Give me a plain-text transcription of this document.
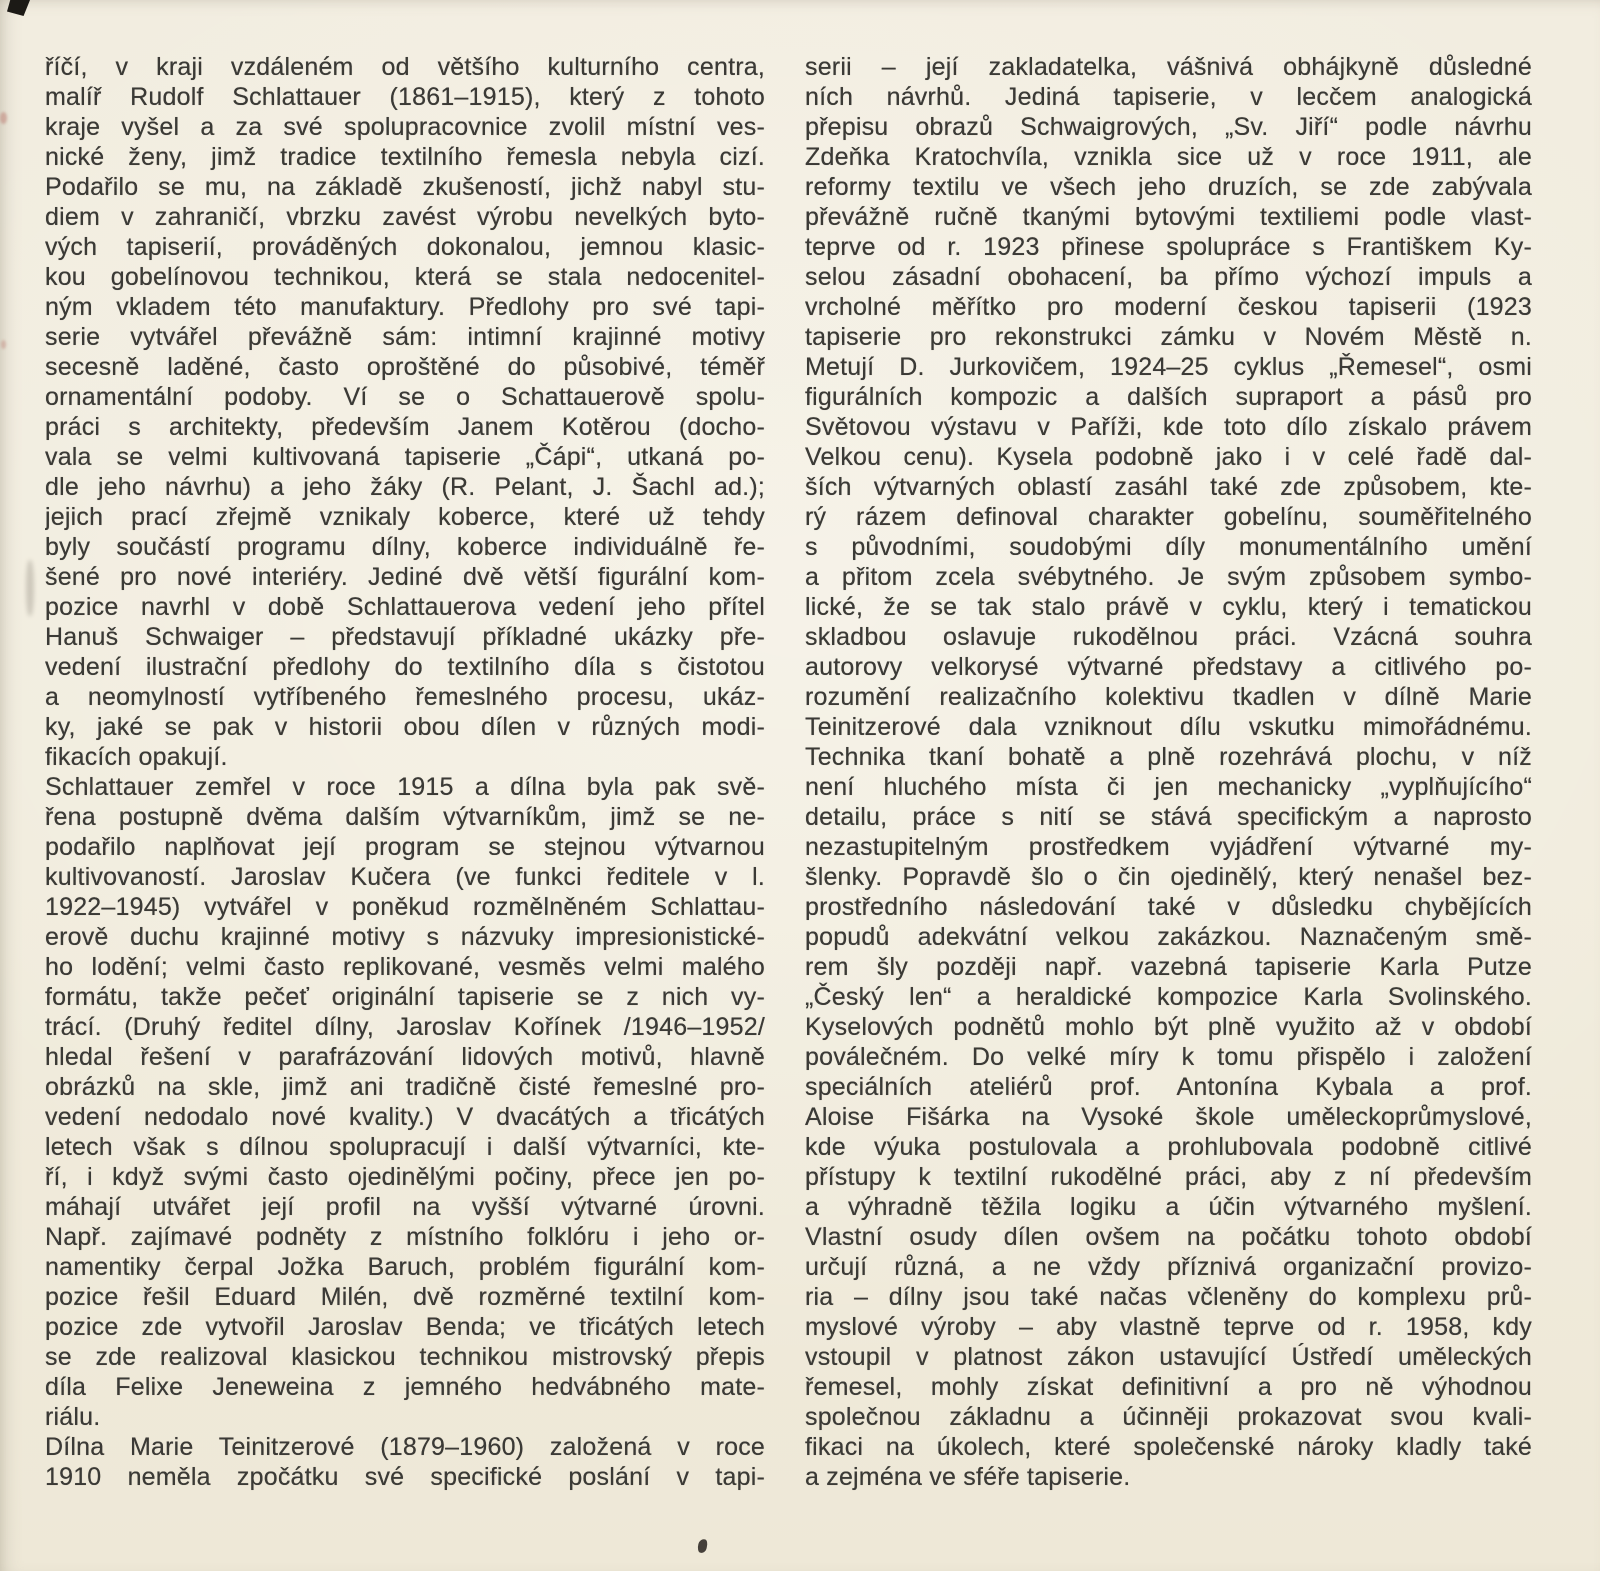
říčí, v kraji vzdáleném od většího kulturního centra,
malíř Rudolf Schlattauer (1861–1915), který z tohoto
kraje vyšel a za své spolupracovnice zvolil místní ves-
nické ženy, jimž tradice textilního řemesla nebyla cizí.
Podařilo se mu, na základě zkušeností, jichž nabyl stu-
diem v zahraničí, vbrzku zavést výrobu nevelkých byto-
vých tapiserií, prováděných dokonalou, jemnou klasic-
kou gobelínovou technikou, která se stala nedocenitel-
ným vkladem této manufaktury. Předlohy pro své tapi-
serie vytvářel převážně sám: intimní krajinné motivy
secesně laděné, často oproštěné do působivé, téměř
ornamentální podoby. Ví se o Schattauerově spolu-
práci s architekty, především Janem Kotěrou (docho-
vala se velmi kultivovaná tapiserie „Čápi“, utkaná po-
dle jeho návrhu) a jeho žáky (R. Pelant, J. Šachl ad.);
jejich prací zřejmě vznikaly koberce, které už tehdy
byly součástí programu dílny, koberce individuálně ře-
šené pro nové interiéry. Jediné dvě větší figurální kom-
pozice navrhl v době Schlattauerova vedení jeho přítel
Hanuš Schwaiger – představují příkladné ukázky pře-
vedení ilustrační předlohy do textilního díla s čistotou
a neomylností vytříbeného řemeslného procesu, ukáz-
ky, jaké se pak v historii obou dílen v různých modi-
fikacích opakují.
Schlattauer zemřel v roce 1915 a dílna byla pak svě-
řena postupně dvěma dalším výtvarníkům, jimž se ne-
podařilo naplňovat její program se stejnou výtvarnou
kultivovaností. Jaroslav Kučera (ve funkci ředitele v l.
1922–1945) vytvářel v poněkud rozmělněném Schlattau-
erově duchu krajinné motivy s názvuky impresionistické-
ho lodění; velmi často replikované, vesměs velmi malého
formátu, takže pečeť originální tapiserie se z nich vy-
trácí. (Druhý ředitel dílny, Jaroslav Kořínek /1946–1952/
hledal řešení v parafrázování lidových motivů, hlavně
obrázků na skle, jimž ani tradičně čisté řemeslné pro-
vedení nedodalo nové kvality.) V dvacátých a třicátých
letech však s dílnou spolupracují i další výtvarníci, kte-
ří, i když svými často ojedinělými počiny, přece jen po-
máhají utvářet její profil na vyšší výtvarné úrovni.
Např. zajímavé podněty z místního folklóru i jeho or-
namentiky čerpal Jožka Baruch, problém figurální kom-
pozice řešil Eduard Milén, dvě rozměrné textilní kom-
pozice zde vytvořil Jaroslav Benda; ve třicátých letech
se zde realizoval klasickou technikou mistrovský přepis
díla Felixe Jeneweina z jemného hedvábného mate-
riálu.
Dílna Marie Teinitzerové (1879–1960) založená v roce
1910 neměla zpočátku své specifické poslání v tapi-
serii – její zakladatelka, vášnivá obhájkyně důsledné
ních návrhů. Jediná tapiserie, v lecčem analogická
přepisu obrazů Schwaigrových, „Sv. Jiří“ podle návrhu
Zdeňka Kratochvíla, vznikla sice už v roce 1911, ale
reformy textilu ve všech jeho druzích, se zde zabývala
převážně ručně tkanými bytovými textiliemi podle vlast-
teprve od r. 1923 přinese spolupráce s Františkem Ky-
selou zásadní obohacení, ba přímo výchozí impuls a
vrcholné měřítko pro moderní českou tapiserii (1923
tapiserie pro rekonstrukci zámku v Novém Městě n.
Metují D. Jurkovičem, 1924–25 cyklus „Řemesel“, osmi
figurálních kompozic a dalších supraport a pásů pro
Světovou výstavu v Paříži, kde toto dílo získalo právem
Velkou cenu). Kysela podobně jako i v celé řadě dal-
ších výtvarných oblastí zasáhl také zde způsobem, kte-
rý rázem definoval charakter gobelínu, souměřitelného
s původními, soudobými díly monumentálního umění
a přitom zcela svébytného. Je svým způsobem symbo-
lické, že se tak stalo právě v cyklu, který i tematickou
skladbou oslavuje rukodělnou práci. Vzácná souhra
autorovy velkorysé výtvarné představy a citlivého po-
rozumění realizačního kolektivu tkadlen v dílně Marie
Teinitzerové dala vzniknout dílu vskutku mimořádnému.
Technika tkaní bohatě a plně rozehrává plochu, v níž
není hluchého místa či jen mechanicky „vyplňujícího“
detailu, práce s nití se stává specifickým a naprosto
nezastupitelným prostředkem vyjádření výtvarné my-
šlenky. Popravdě šlo o čin ojedinělý, který nenašel bez-
prostředního následování také v důsledku chybějících
popudů adekvátní velkou zakázkou. Naznačeným smě-
rem šly později např. vazebná tapiserie Karla Putze
„Český len“ a heraldické kompozice Karla Svolinského.
Kyselových podnětů mohlo být plně využito až v období
poválečném. Do velké míry k tomu přispělo i založení
speciálních ateliérů prof. Antonína Kybala a prof.
Aloise Fišárka na Vysoké škole uměleckoprůmyslové,
kde výuka postulovala a prohlubovala podobně citlivé
přístupy k textilní rukodělné práci, aby z ní především
a výhradně těžila logiku a účin výtvarného myšlení.
Vlastní osudy dílen ovšem na počátku tohoto období
určují různá, a ne vždy příznivá organizační provizo-
ria – dílny jsou také načas včleněny do komplexu prů-
myslové výroby – aby vlastně teprve od r. 1958, kdy
vstoupil v platnost zákon ustavující Ústředí uměleckých
řemesel, mohly získat definitivní a pro ně výhodnou
společnou základnu a účinněji prokazovat svou kvali-
fikaci na úkolech, které společenské nároky kladly také
a zejména ve sféře tapiserie.
